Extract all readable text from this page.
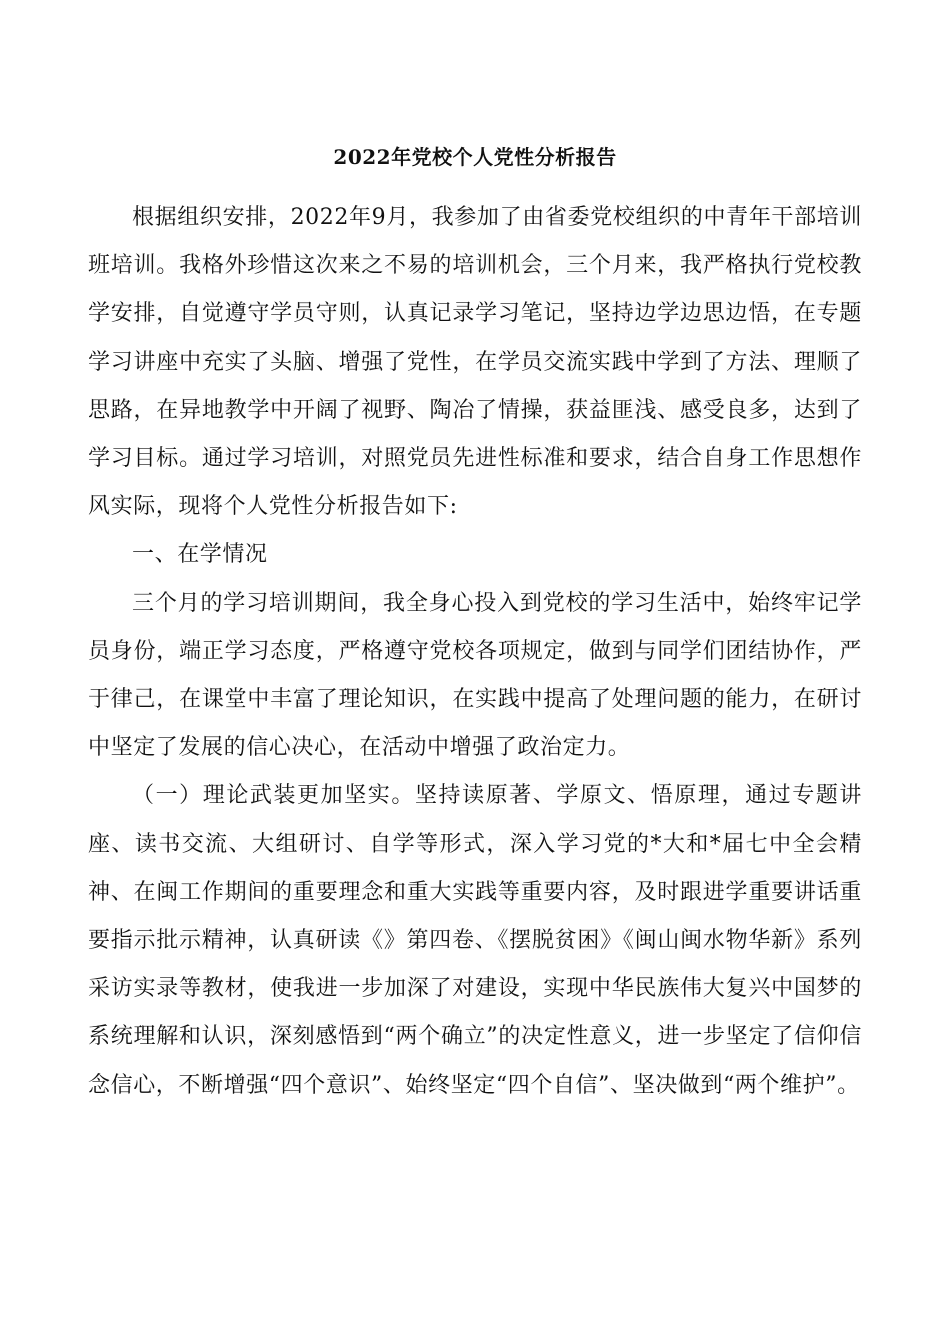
2022年党校个人党性分析报告

根据组织安排，2022年9月，我参加了由省委党校组织的中青年干部培训班培训。我格外珍惜这次来之不易的培训机会，三个月来，我严格执行党校教学安排，自觉遵守学员守则，认真记录学习笔记，坚持边学边思边悟，在专题学习讲座中充实了头脑、增强了党性，在学员交流实践中学到了方法、理顺了思路，在异地教学中开阔了视野、陶冶了情操，获益匪浅、感受良多，达到了学习目标。通过学习培训，对照党员先进性标准和要求，结合自身工作思想作风实际，现将个人党性分析报告如下:

一、在学情况

三个月的学习培训期间，我全身心投入到党校的学习生活中，始终牢记学员身份，端正学习态度，严格遵守党校各项规定，做到与同学们团结协作，严于律己，在课堂中丰富了理论知识，在实践中提高了处理问题的能力，在研讨中坚定了发展的信心决心，在活动中增强了政治定力。

（一）理论武装更加坚实。坚持读原著、学原文、悟原理，通过专题讲座、读书交流、大组研讨、自学等形式，深入学习党的*大和*届七中全会精神、在闽工作期间的重要理念和重大实践等重要内容，及时跟进学重要讲话重要指示批示精神，认真研读《》第四卷、《摆脱贫困》《闽山闽水物华新》系列采访实录等教材，使我进一步加深了对建设，实现中华民族伟大复兴中国梦的系统理解和认识，深刻感悟到“两个确立”的决定性意义，进一步坚定了信仰信念信心，不断增强“四个意识”、始终坚定“四个自信”、坚决做到“两个维护”。
